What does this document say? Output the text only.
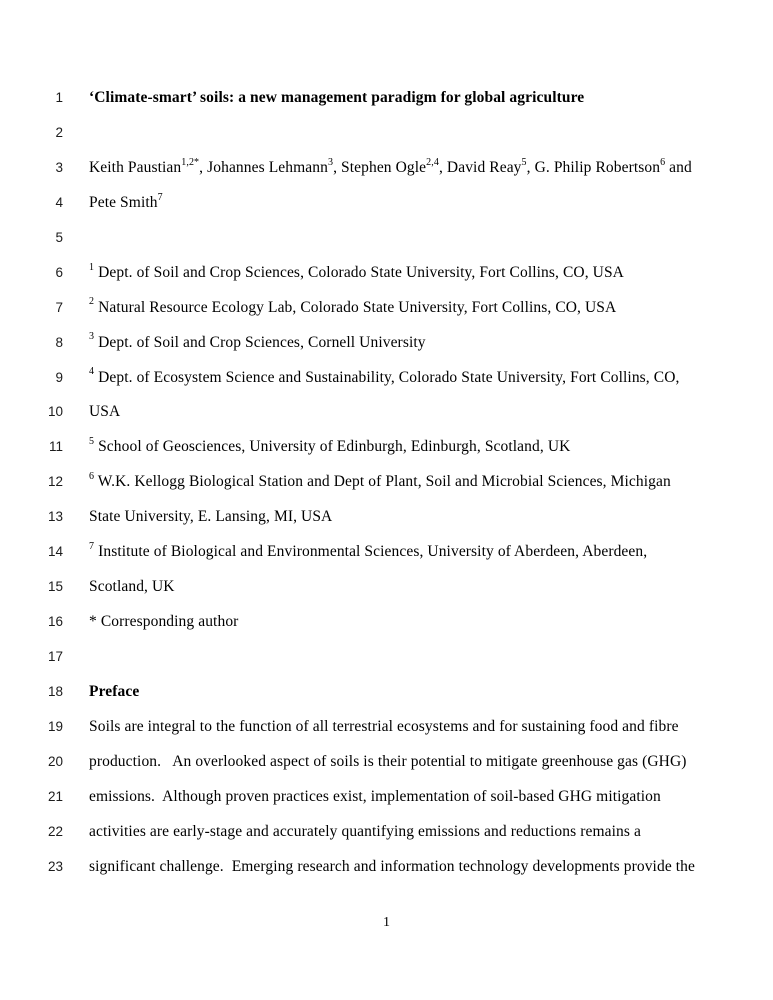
1 ‘Climate-smart’ soils: a new management paradigm for global agriculture
2
3 Keith Paustian$^{1,2*}$, Johannes Lehmann$^3$, Stephen Ogle$^{2,4}$, David Reay$^5$, G. Philip Robertson$^6$ and
4 Pete Smith$^7$
5
6	$^1$ Dept. of Soil and Crop Sciences, Colorado State University, Fort Collins, CO, USA
7	$^2$ Natural Resource Ecology Lab, Colorado State University, Fort Collins, CO, USA
8	$^3$ Dept. of Soil and Crop Sciences, Cornell University
9	$^4$ Dept. of Ecosystem Science and Sustainability, Colorado State University, Fort Collins, CO,
10 USA
11	$^5$ School of Geosciences, University of Edinburgh, Edinburgh, Scotland, UK
12	$^6$ W.K. Kellogg Biological Station and Dept of Plant, Soil and Microbial Sciences, Michigan
13 State University, E. Lansing, MI, USA
14	$^7$ Institute of Biological and Environmental Sciences, University of Aberdeen, Aberdeen,
15 Scotland, UK
16 * Corresponding author
17
18 Preface
19 Soils are integral to the function of all terrestrial ecosystems and for sustaining food and fibre
20 production.   An overlooked aspect of soils is their potential to mitigate greenhouse gas (GHG)
21 emissions.  Although proven practices exist, implementation of soil-based GHG mitigation
22 activities are early-stage and accurately quantifying emissions and reductions remains a
23 significant challenge.  Emerging research and information technology developments provide the
1
